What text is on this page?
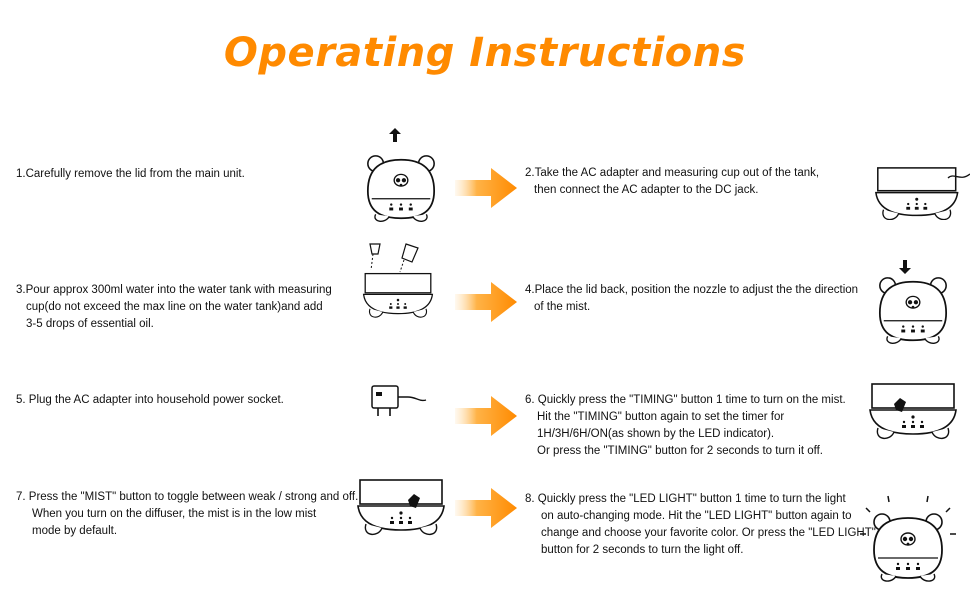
Operating Instructions
1.Carefully remove the lid from the main unit.	2.Take the AC adapter and measuring cup out of the tank,
then connect the AC adapter to the DC jack.
3.Pour approx 300ml water into the water tank with measuring
cup(do not exceed the max line on the water tank)and add
3-5 drops of essential oil.
4.Place the lid back, position the nozzle to adjust the the direction
of the mist.
5. Plug the AC adapter into household power socket.	6. Quickly press the "TIMING" button 1 time to turn on the mist.
Hit the "TIMING" button again to set the timer for
1H/3H/6H/ON(as shown by the LED indicator).
Or press the "TIMING" button for 2 seconds to turn it off.
7. Press the "MIST" button to toggle between weak / strong and off.
When you turn on the diffuser, the mist is in the low mist
mode by default.
8. Quickly press the "LED LIGHT" button 1 time to turn the light
on auto-changing mode. Hit the "LED LIGHT" button again to
change and choose your favorite color. Or press the "LED LIGHT"
button for 2 seconds to turn the light off.
